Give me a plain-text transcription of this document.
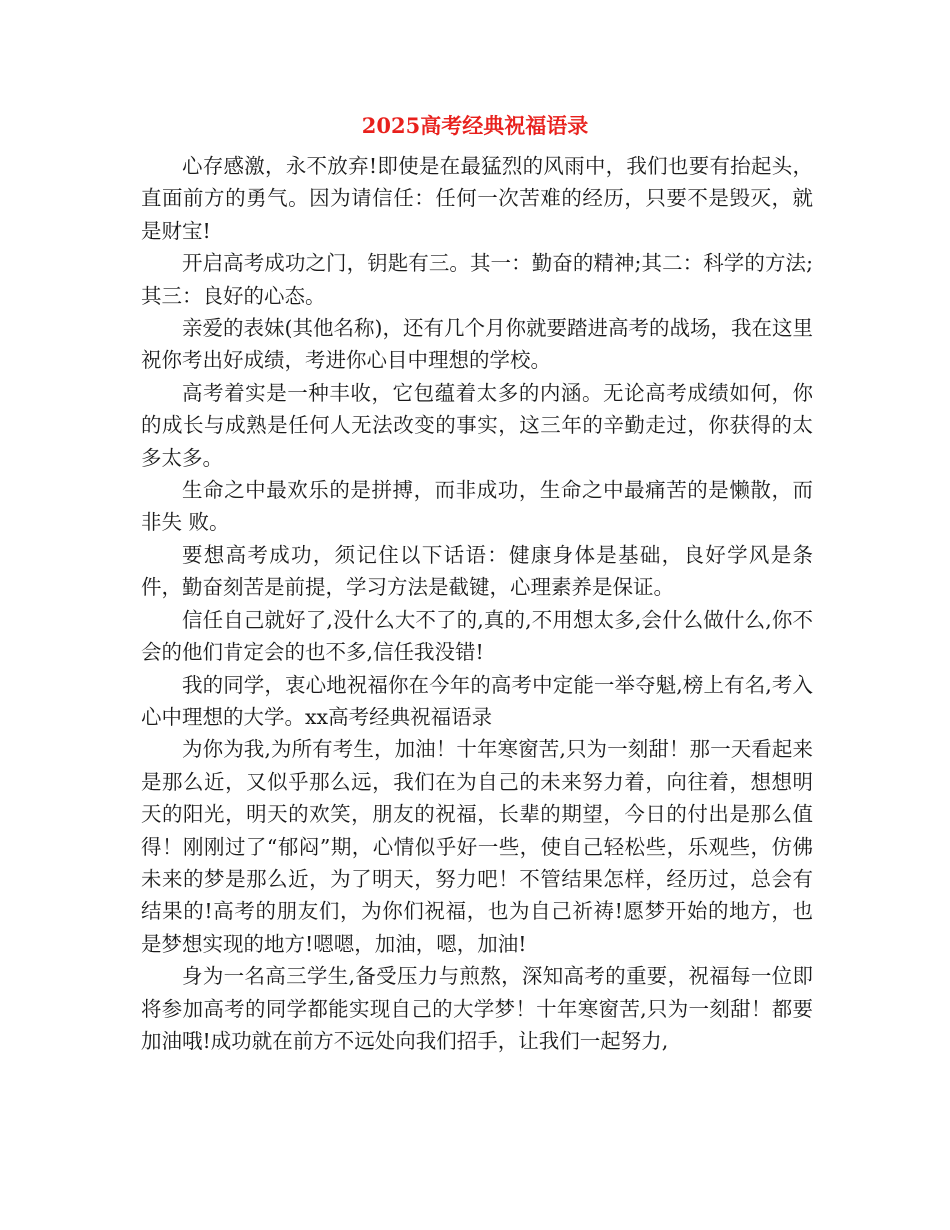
2025高考经典祝福语录

心存感激，永不放弃!即使是在最猛烈的风雨中，我们也要有抬起头，直面前方的勇气。因为请信任：任何一次苦难的经历，只要不是毁灭，就是财宝!

开启高考成功之门，钥匙有三。其一：勤奋的精神;其二：科学的方法;其三：良好的心态。

亲爱的表妹(其他名称)，还有几个月你就要踏进高考的战场，我在这里祝你考出好成绩，考进你心目中理想的学校。

高考着实是一种丰收，它包蕴着太多的内涵。无论高考成绩如何，你的成长与成熟是任何人无法改变的事实，这三年的辛勤走过，你获得的太多太多。

生命之中最欢乐的是拼搏，而非成功，生命之中最痛苦的是懒散，而非失 败。

要想高考成功，须记住以下话语：健康身体是基础，良好学风是条件，勤奋刻苦是前提，学习方法是截键，心理素养是保证。

信任自己就好了,没什么大不了的,真的,不用想太多,会什么做什么,你不会的他们肯定会的也不多,信任我没错!

我的同学，衷心地祝福你在今年的高考中定能一举夺魁,榜上有名,考入心中理想的大学。xx高考经典祝福语录

为你为我,为所有考生，加油！十年寒窗苦,只为一刻甜！那一天看起来是那么近，又似乎那么远，我们在为自己的未来努力着，向往着，想想明天的阳光，明天的欢笑，朋友的祝福，长辈的期望，今日的付出是那么值得！刚刚过了“郁闷”期，心情似乎好一些，使自己轻松些，乐观些，仿佛未来的梦是那么近，为了明天，努力吧！不管结果怎样，经历过，总会有结果的!高考的朋友们，为你们祝福，也为自己祈祷!愿梦开始的地方，也是梦想实现的地方!嗯嗯，加油，嗯，加油!

身为一名高三学生,备受压力与煎熬，深知高考的重要，祝福每一位即将参加高考的同学都能实现自己的大学梦！十年寒窗苦,只为一刻甜！都要加油哦!成功就在前方不远处向我们招手，让我们一起努力,
